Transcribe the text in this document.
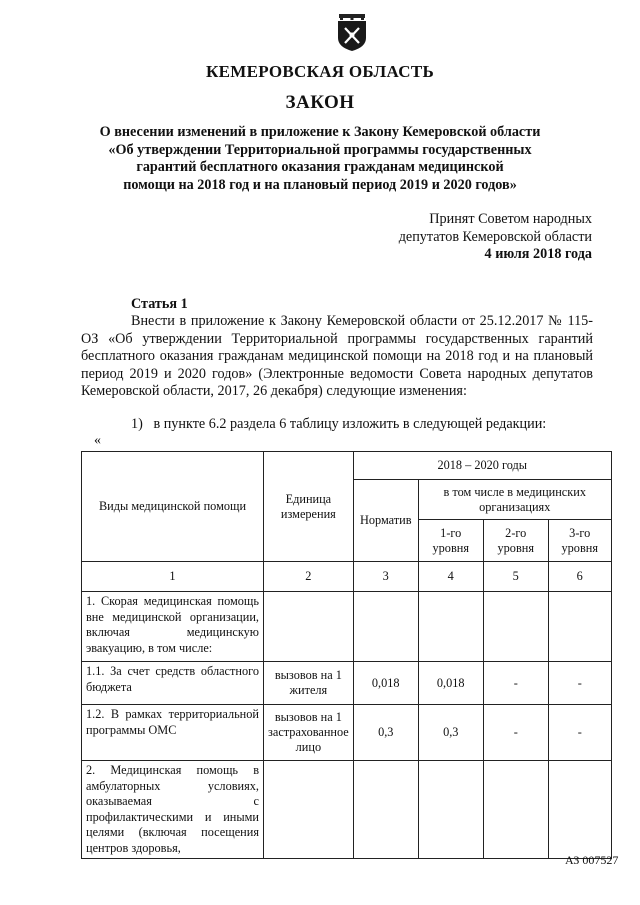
КЕМЕРОВСКАЯ ОБЛАСТЬ
ЗАКОН
О внесении изменений в приложение к Закону Кемеровской области
«Об утверждении Территориальной программы государственных
гарантий бесплатного оказания гражданам медицинской
помощи на 2018 год и на плановый период 2019 и 2020 годов»
Принят Советом народных
депутатов Кемеровской области
4 июля 2018 года
Статья 1
Внести в приложение к Закону Кемеровской области от 25.12.2017 № 115-ОЗ «Об утверждении Территориальной программы государственных гарантий бесплатного оказания гражданам медицинской помощи на 2018 год и на плановый период 2019 и 2020 годов» (Электронные ведомости Совета народных депутатов Кемеровской области, 2017, 26 декабря) следующие изменения:
1)   в пункте 6.2 раздела 6 таблицу изложить в следующей редакции:
«
Виды медицинской помощи	Единица измерения	2018 – 2020 годы			
		Норматив	в том числе в медицинских организациях		
			1-го уровня	2-го уровня	3-го уровня
1	2	3	4	5	6
1. Скорая медицинская помощь вне медицинской организации, включая медицинскую эвакуацию, в том числе:					
1.1. За счет средств областного бюджета	вызовов на 1 жителя	0,018	0,018	-	-
1.2. В рамках территориальной программы ОМС	вызовов на 1 застрахованное лицо	0,3	0,3	-	-
2. Медицинская помощь в амбулаторных условиях, оказываемая с профилактическими и иными целями (включая посещения центров здоровья,					
АЗ 007527
